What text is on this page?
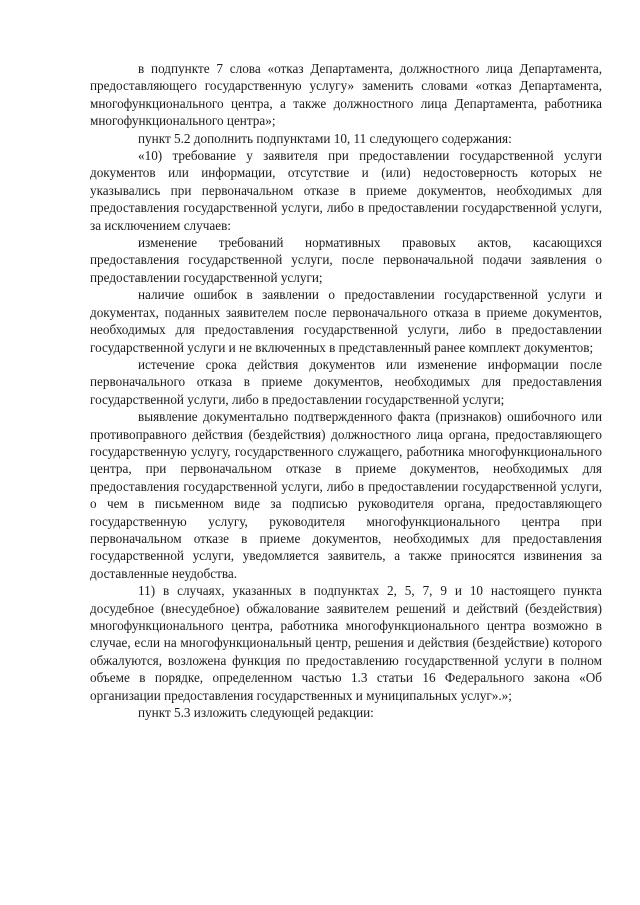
в подпункте 7 слова «отказ Департамента, должностного лица Департамента, предоставляющего государственную услугу» заменить словами «отказ Департамента, многофункционального центра, а также должностного лица Департамента, работника многофункционального центра»;

пункт 5.2 дополнить подпунктами 10, 11 следующего содержания:

«10) требование у заявителя при предоставлении государственной услуги документов или информации, отсутствие и (или) недостоверность которых не указывались при первоначальном отказе в приеме документов, необходимых для предоставления государственной услуги, либо в предоставлении государственной услуги, за исключением случаев:

изменение требований нормативных правовых актов, касающихся предоставления государственной услуги, после первоначальной подачи заявления о предоставлении государственной услуги;

наличие ошибок в заявлении о предоставлении государственной услуги и документах, поданных заявителем после первоначального отказа в приеме документов, необходимых для предоставления государственной услуги, либо в предоставлении государственной услуги и не включенных в представленный ранее комплект документов;

истечение срока действия документов или изменение информации после первоначального отказа в приеме документов, необходимых для предоставления государственной услуги, либо в предоставлении государственной услуги;

выявление документально подтвержденного факта (признаков) ошибочного или противоправного действия (бездействия) должностного лица органа, предоставляющего государственную услугу, государственного служащего, работника многофункционального центра, при первоначальном отказе в приеме документов, необходимых для предоставления государственной услуги, либо в предоставлении государственной услуги, о чем в письменном виде за подписью руководителя органа, предоставляющего государственную услугу, руководителя многофункционального центра при первоначальном отказе в приеме документов, необходимых для предоставления государственной услуги, уведомляется заявитель, а также приносятся извинения за доставленные неудобства.

11) в случаях, указанных в подпунктах 2, 5, 7, 9 и 10 настоящего пункта досудебное (внесудебное) обжалование заявителем решений и действий (бездействия) многофункционального центра, работника многофункционального центра возможно в случае, если на многофункциональный центр, решения и действия (бездействие) которого обжалуются, возложена функция по предоставлению государственной услуги в полном объеме в порядке, определенном частью 1.3 статьи 16 Федерального закона «Об организации предоставления государственных и муниципальных услуг».»;

пункт 5.3 изложить следующей редакции:
